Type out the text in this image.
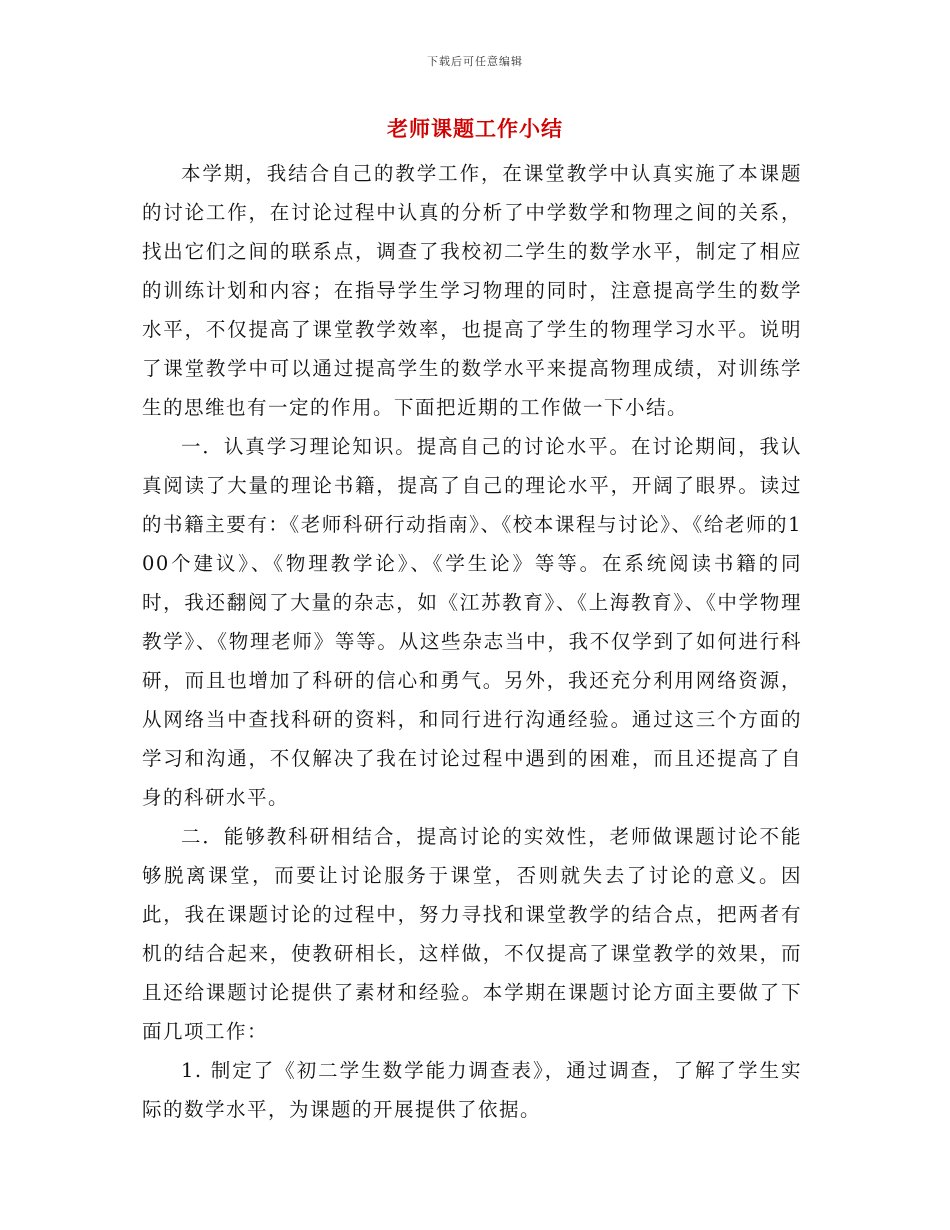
下载后可任意编辑
老师课题工作小结

本学期，我结合自己的教学工作，在课堂教学中认真实施了本课题的讨论工作，在讨论过程中认真的分析了中学数学和物理之间的关系，找出它们之间的联系点，调查了我校初二学生的数学水平，制定了相应的训练计划和内容；在指导学生学习物理的同时，注意提高学生的数学水平，不仅提高了课堂教学效率，也提高了学生的物理学习水平。说明了课堂教学中可以通过提高学生的数学水平来提高物理成绩，对训练学生的思维也有一定的作用。下面把近期的工作做一下小结。

一．认真学习理论知识。提高自己的讨论水平。在讨论期间，我认真阅读了大量的理论书籍，提高了自己的理论水平，开阔了眼界。读过的书籍主要有：《老师科研行动指南》、《校本课程与讨论》、《给老师的100个建议》、《物理教学论》、《学生论》等等。在系统阅读书籍的同时，我还翻阅了大量的杂志，如《江苏教育》、《上海教育》、《中学物理教学》、《物理老师》等等。从这些杂志当中，我不仅学到了如何进行科研，而且也增加了科研的信心和勇气。另外，我还充分利用网络资源，从网络当中查找科研的资料，和同行进行沟通经验。通过这三个方面的学习和沟通，不仅解决了我在讨论过程中遇到的困难，而且还提高了自身的科研水平。

二．能够教科研相结合，提高讨论的实效性，老师做课题讨论不能够脱离课堂，而要让讨论服务于课堂，否则就失去了讨论的意义。因此，我在课题讨论的过程中，努力寻找和课堂教学的结合点，把两者有机的结合起来，使教研相长，这样做，不仅提高了课堂教学的效果，而且还给课题讨论提供了素材和经验。本学期在课题讨论方面主要做了下面几项工作：

1. 制定了《初二学生数学能力调查表》，通过调查，了解了学生实际的数学水平，为课题的开展提供了依据。
